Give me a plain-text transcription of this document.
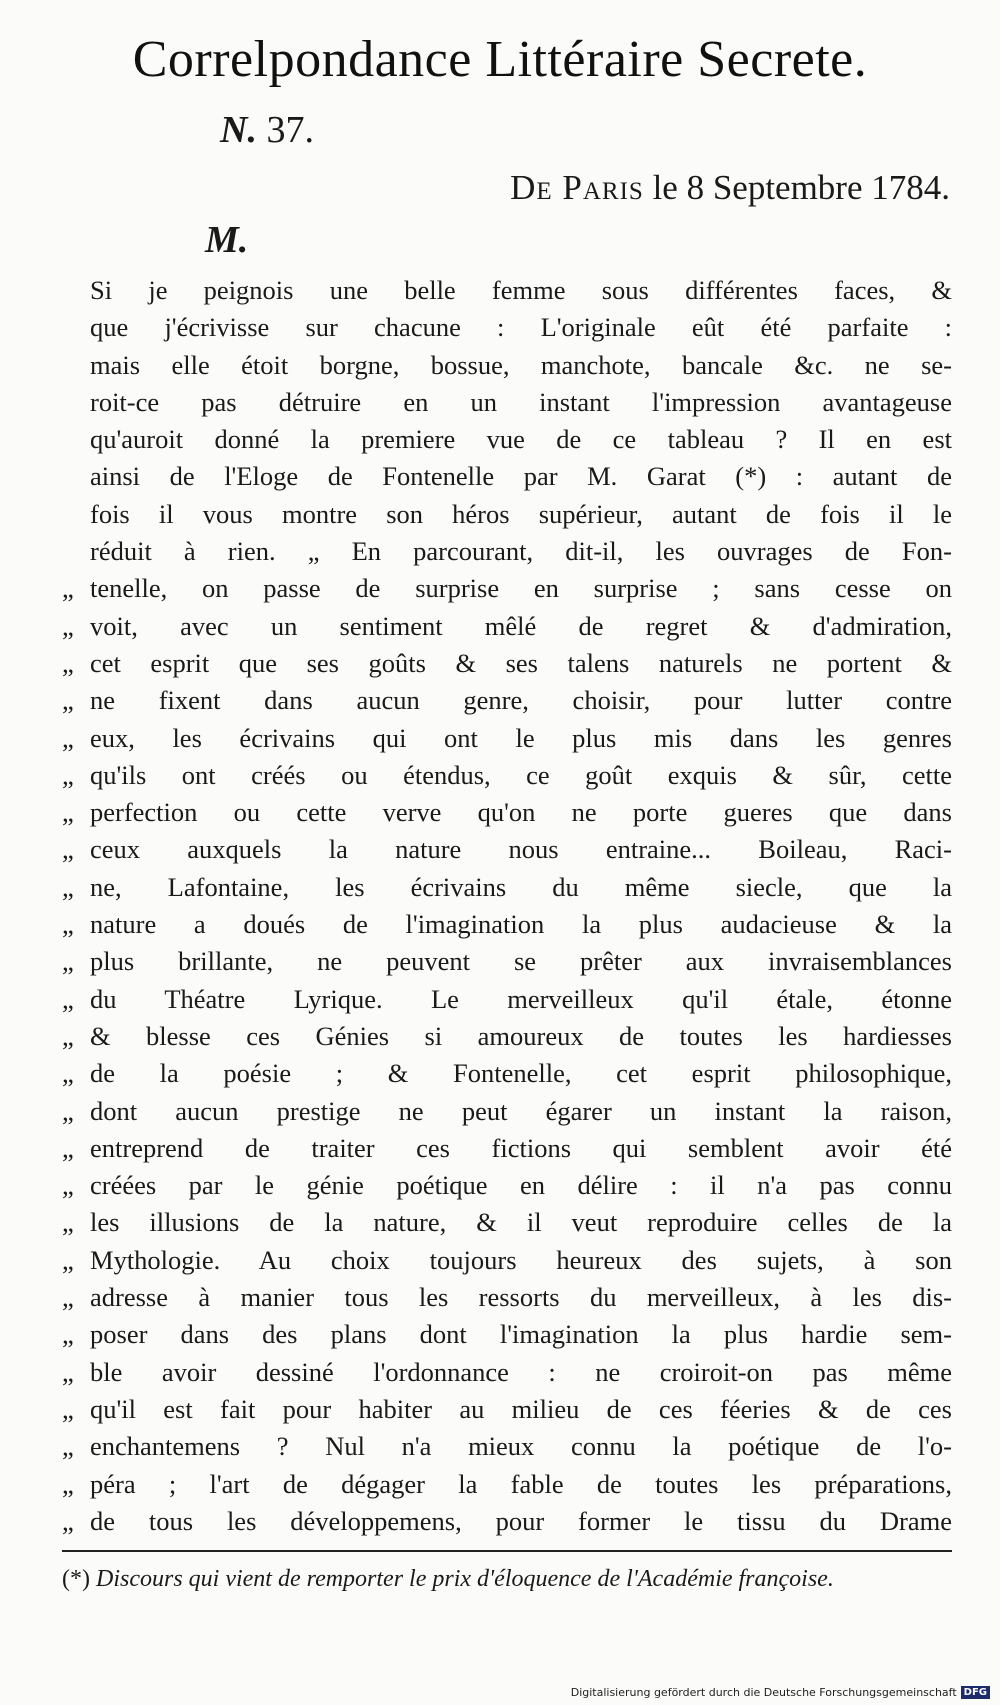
Correlpondance Littéraire Secrete.
N. 37.
De Paris le 8 Septembre 1784.
M.
Si je peignois une belle femme sous différentes faces, &
que j'écrivisse sur chacune : L'originale eût été parfaite :
mais elle étoit borgne, bossue, manchote, bancale &c. ne se-
roit-ce pas détruire en un instant l'impression avantageuse
qu'auroit donné la premiere vue de ce tableau ? Il en est
ainsi de l'Eloge de Fontenelle par M. Garat (*) : autant de
fois il vous montre son héros supérieur, autant de fois il le
réduit à rien. „ En parcourant, dit-il, les ouvrages de Fon-
„ tenelle, on passe de surprise en surprise ; sans cesse on
„ voit, avec un sentiment mêlé de regret & d'admiration,
„ cet esprit que ses goûts & ses talens naturels ne portent &
„ ne fixent dans aucun genre, choisir, pour lutter contre
„ eux, les écrivains qui ont le plus mis dans les genres
„ qu'ils ont créés ou étendus, ce goût exquis & sûr, cette
„ perfection ou cette verve qu'on ne porte gueres que dans
„ ceux auxquels la nature nous entraine... Boileau, Raci-
„ ne, Lafontaine, les écrivains du même siecle, que la
„ nature a doués de l'imagination la plus audacieuse & la
„ plus brillante, ne peuvent se prêter aux invraisemblances
„ du Théatre Lyrique. Le merveilleux qu'il étale, étonne
„ & blesse ces Génies si amoureux de toutes les hardiesses
„ de la poésie ; & Fontenelle, cet esprit philosophique,
„ dont aucun prestige ne peut égarer un instant la raison,
„ entreprend de traiter ces fictions qui semblent avoir été
„ créées par le génie poétique en délire : il n'a pas connu
„ les illusions de la nature, & il veut reproduire celles de la
„ Mythologie. Au choix toujours heureux des sujets, à son
„ adresse à manier tous les ressorts du merveilleux, à les dis-
„ poser dans des plans dont l'imagination la plus hardie sem-
„ ble avoir dessiné l'ordonnance : ne croiroit-on pas même
„ qu'il est fait pour habiter au milieu de ces féeries & de ces
„ enchantemens ? Nul n'a mieux connu la poétique de l'o-
„ péra ; l'art de dégager la fable de toutes les préparations,
„ de tous les développemens, pour former le tissu du Drame
(*) Discours qui vient de remporter le prix d'éloquence de l'Académie françoise.
Digitalisierung gefördert durch die Deutsche Forschungsgemeinschaft DFG
